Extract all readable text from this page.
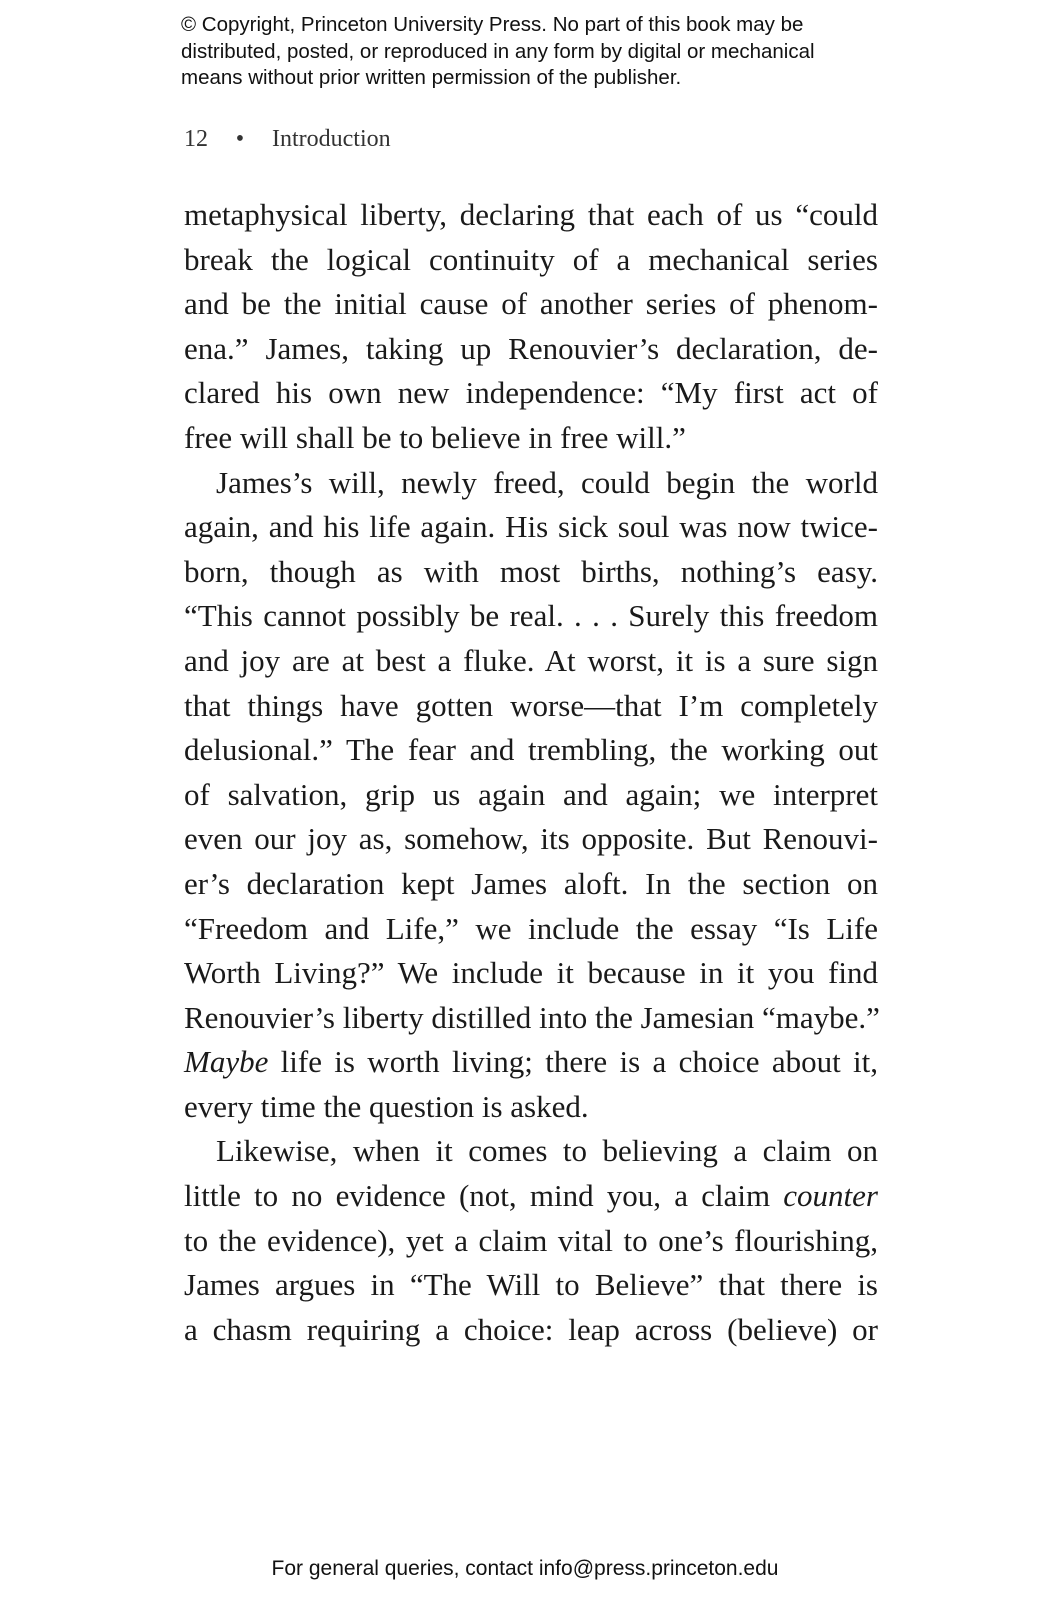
© Copyright, Princeton University Press. No part of this book may be
distributed, posted, or reproduced in any form by digital or mechanical
means without prior written permission of the publisher.
12 • Introduction
metaphysical liberty, declaring that each of us “could
break the logical continuity of a mechanical series
and be the initial cause of another series of phenom-
ena.” James, taking up Renouvier’s declaration, de-
clared his own new independence: “My first act of
free will shall be to believe in free will.”
James’s will, newly freed, could begin the world
again, and his life again. His sick soul was now twice-
born, though as with most births, nothing’s easy.
“This cannot possibly be real. . . . Surely this freedom
and joy are at best a fluke. At worst, it is a sure sign
that things have gotten worse—that I’m completely
delusional.” The fear and trembling, the working out
of salvation, grip us again and again; we interpret
even our joy as, somehow, its opposite. But Renouvi-
er’s declaration kept James aloft. In the section on
“Freedom and Life,” we include the essay “Is Life
Worth Living?” We include it because in it you find
Renouvier’s liberty distilled into the Jamesian “maybe.”
Maybe life is worth living; there is a choice about it,
every time the question is asked.
Likewise, when it comes to believing a claim on
little to no evidence (not, mind you, a claim counter
to the evidence), yet a claim vital to one’s flourishing,
James argues in “The Will to Believe” that there is
a chasm requiring a choice: leap across (believe) or
For general queries, contact info@press.princeton.edu
